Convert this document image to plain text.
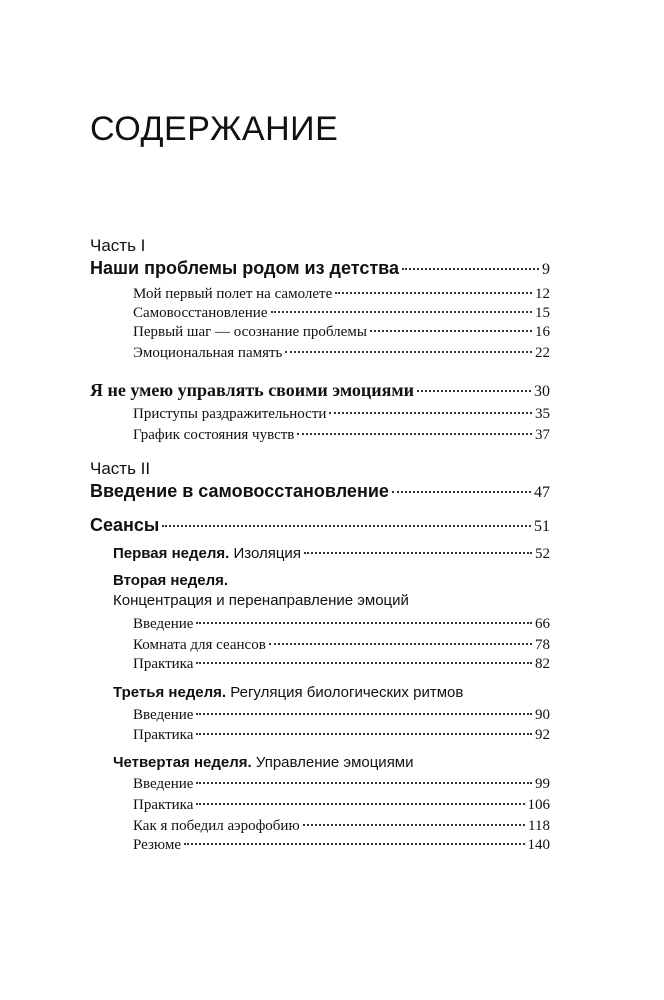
СОДЕРЖАНИЕ
Часть I
Наши проблемы родом из детства	9
Мой первый полет на самолете	12
Самовосстановление	15
Первый шаг — осознание проблемы	16
Эмоциональная память	22
Я не умею управлять своими эмоциями	30
Приступы раздражительности	35
График состояния чувств	37
Часть II
Введение в самовосстановление	47
Сеансы	51
Первая неделя. Изоляция	52
Вторая неделя.
Концентрация и перенаправление эмоций
Введение	66
Комната для сеансов	78
Практика	82
Третья неделя. Регуляция биологических ритмов
Введение	90
Практика	92
Четвертая неделя. Управление эмоциями
Введение	99
Практика	106
Как я победил аэрофобию	118
Резюме	140
